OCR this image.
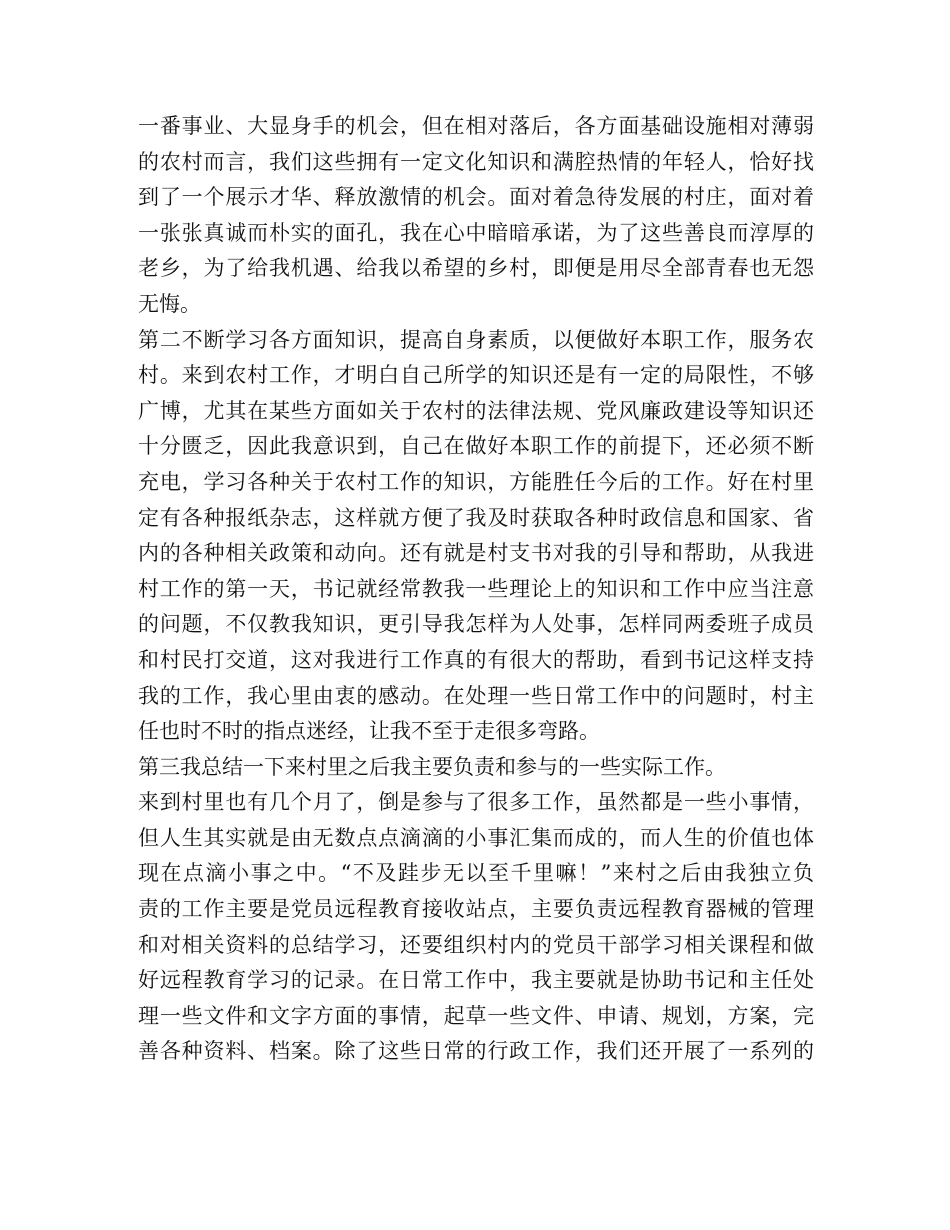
一番事业、大显身手的机会，但在相对落后，各方面基础设施相对薄弱
的农村而言，我们这些拥有一定文化知识和满腔热情的年轻人，恰好找
到了一个展示才华、释放激情的机会。面对着急待发展的村庄，面对着
一张张真诚而朴实的面孔，我在心中暗暗承诺，为了这些善良而淳厚的
老乡，为了给我机遇、给我以希望的乡村，即便是用尽全部青春也无怨
无悔。
第二不断学习各方面知识，提高自身素质，以便做好本职工作，服务农
村。来到农村工作，才明白自己所学的知识还是有一定的局限性，不够
广博，尤其在某些方面如关于农村的法律法规、党风廉政建设等知识还
十分匮乏，因此我意识到，自己在做好本职工作的前提下，还必须不断
充电，学习各种关于农村工作的知识，方能胜任今后的工作。好在村里
定有各种报纸杂志，这样就方便了我及时获取各种时政信息和国家、省
内的各种相关政策和动向。还有就是村支书对我的引导和帮助，从我进
村工作的第一天，书记就经常教我一些理论上的知识和工作中应当注意
的问题，不仅教我知识，更引导我怎样为人处事，怎样同两委班子成员
和村民打交道，这对我进行工作真的有很大的帮助，看到书记这样支持
我的工作，我心里由衷的感动。在处理一些日常工作中的问题时，村主
任也时不时的指点迷经，让我不至于走很多弯路。
第三我总结一下来村里之后我主要负责和参与的一些实际工作。
来到村里也有几个月了，倒是参与了很多工作，虽然都是一些小事情，
但人生其实就是由无数点点滴滴的小事汇集而成的，而人生的价值也体
现在点滴小事之中。“不及跬步无以至千里嘛！”来村之后由我独立负
责的工作主要是党员远程教育接收站点，主要负责远程教育器械的管理
和对相关资料的总结学习，还要组织村内的党员干部学习相关课程和做
好远程教育学习的记录。在日常工作中，我主要就是协助书记和主任处
理一些文件和文字方面的事情，起草一些文件、申请、规划，方案，完
善各种资料、档案。除了这些日常的行政工作，我们还开展了一系列的
